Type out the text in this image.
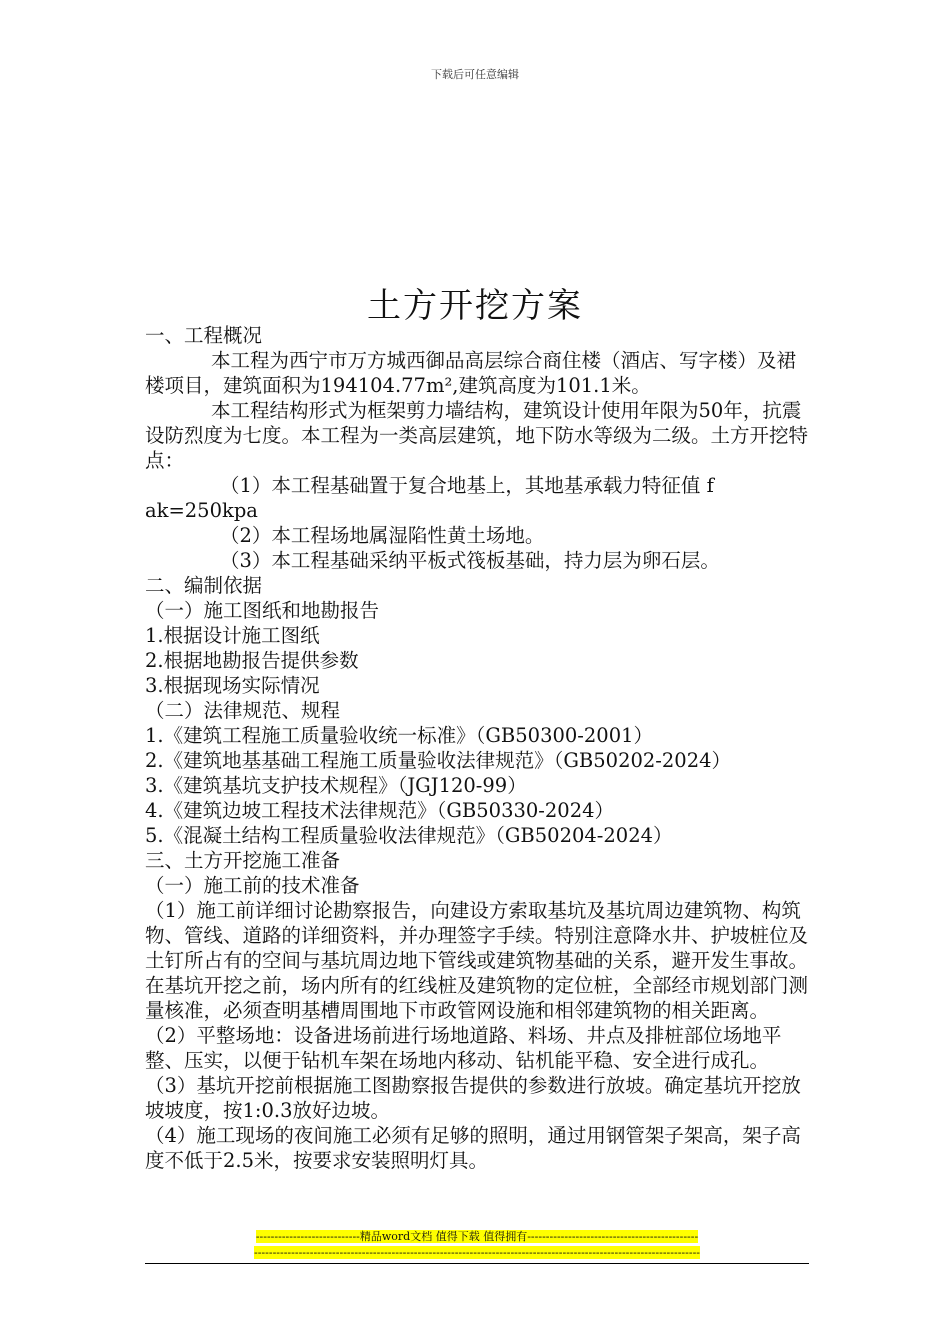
下载后可任意编辑
土方开挖方案

一、工程概况

本工程为西宁市万方城西御品高层综合商住楼（酒店、写字楼）及裙楼项目，建筑面积为194104.77m²,建筑高度为101.1米。

本工程结构形式为框架剪力墙结构，建筑设计使用年限为50年，抗震设防烈度为七度。本工程为一类高层建筑，地下防水等级为二级。土方开挖特点：

（1）本工程基础置于复合地基上，其地基承载力特征值 f

ak=250kpa

（2）本工程场地属湿陷性黄土场地。

（3）本工程基础采纳平板式筏板基础，持力层为卵石层。

二、编制依据

（一）施工图纸和地勘报告

1.根据设计施工图纸

2.根据地勘报告提供参数

3.根据现场实际情况

（二）法律规范、规程

1.《建筑工程施工质量验收统一标准》（GB50300-2001）

2.《建筑地基基础工程施工质量验收法律规范》（GB50202-2024）

3.《建筑基坑支护技术规程》（JGJ120-99）

4.《建筑边坡工程技术法律规范》（GB50330-2024）

5.《混凝土结构工程质量验收法律规范》（GB50204-2024）

三、土方开挖施工准备

（一）施工前的技术准备

（1）施工前详细讨论勘察报告，向建设方索取基坑及基坑周边建筑物、构筑物、管线、道路的详细资料，并办理签字手续。特别注意降水井、护坡桩位及土钉所占有的空间与基坑周边地下管线或建筑物基础的关系，避开发生事故。在基坑开挖之前，场内所有的红线桩及建筑物的定位桩，全部经市规划部门测量核准，必须查明基槽周围地下市政管网设施和相邻建筑物的相关距离。

（2）平整场地：设备进场前进行场地道路、料场、井点及排桩部位场地平整、压实，以便于钻机车架在场地内移动、钻机能平稳、安全进行成孔。

（3）基坑开挖前根据施工图勘察报告提供的参数进行放坡。确定基坑开挖放坡坡度，按1:0.3放好边坡。

（4）施工现场的夜间施工必须有足够的照明，通过用钢管架子架高，架子高度不低于2.5米，按要求安装照明灯具。

----------------------------精品word文档 值得下载 值得拥有----------------------------------------------
------------------------------------------------------------------------------------------------------------------------
